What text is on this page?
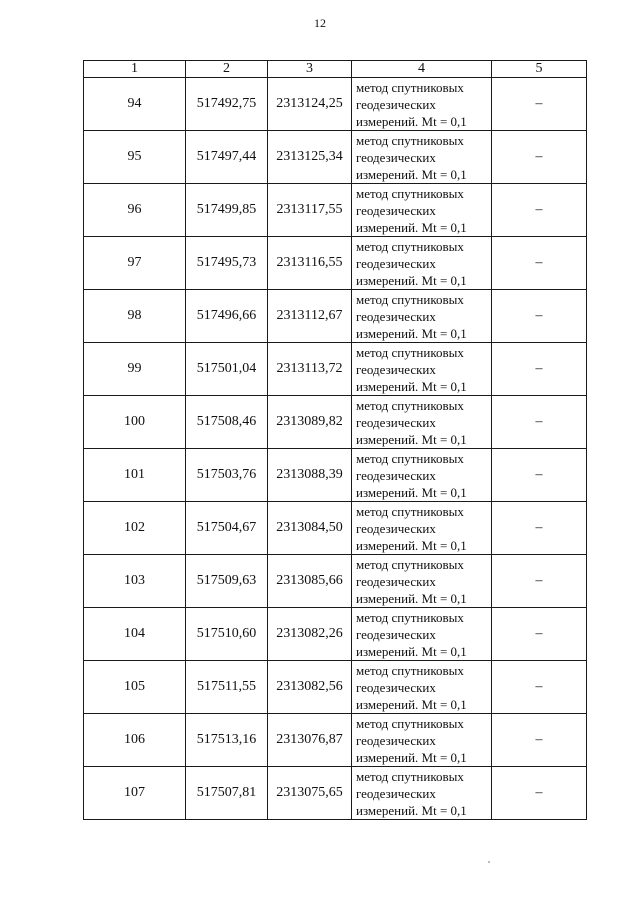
12
1	2	3	4	5
94	517492,75	2313124,25	метод спутниковых
геодезических
измерений. Mt = 0,1	–
95	517497,44	2313125,34	метод спутниковых
геодезических
измерений. Mt = 0,1	–
96	517499,85	2313117,55	метод спутниковых
геодезических
измерений. Mt = 0,1	–
97	517495,73	2313116,55	метод спутниковых
геодезических
измерений. Mt = 0,1	–
98	517496,66	2313112,67	метод спутниковых
геодезических
измерений. Mt = 0,1	–
99	517501,04	2313113,72	метод спутниковых
геодезических
измерений. Mt = 0,1	–
100	517508,46	2313089,82	метод спутниковых
геодезических
измерений. Mt = 0,1	–
101	517503,76	2313088,39	метод спутниковых
геодезических
измерений. Mt = 0,1	–
102	517504,67	2313084,50	метод спутниковых
геодезических
измерений. Mt = 0,1	–
103	517509,63	2313085,66	метод спутниковых
геодезических
измерений. Mt = 0,1	–
104	517510,60	2313082,26	метод спутниковых
геодезических
измерений. Mt = 0,1	–
105	517511,55	2313082,56	метод спутниковых
геодезических
измерений. Mt = 0,1	–
106	517513,16	2313076,87	метод спутниковых
геодезических
измерений. Mt = 0,1	–
107	517507,81	2313075,65	метод спутниковых
геодезических
измерений. Mt = 0,1	–
